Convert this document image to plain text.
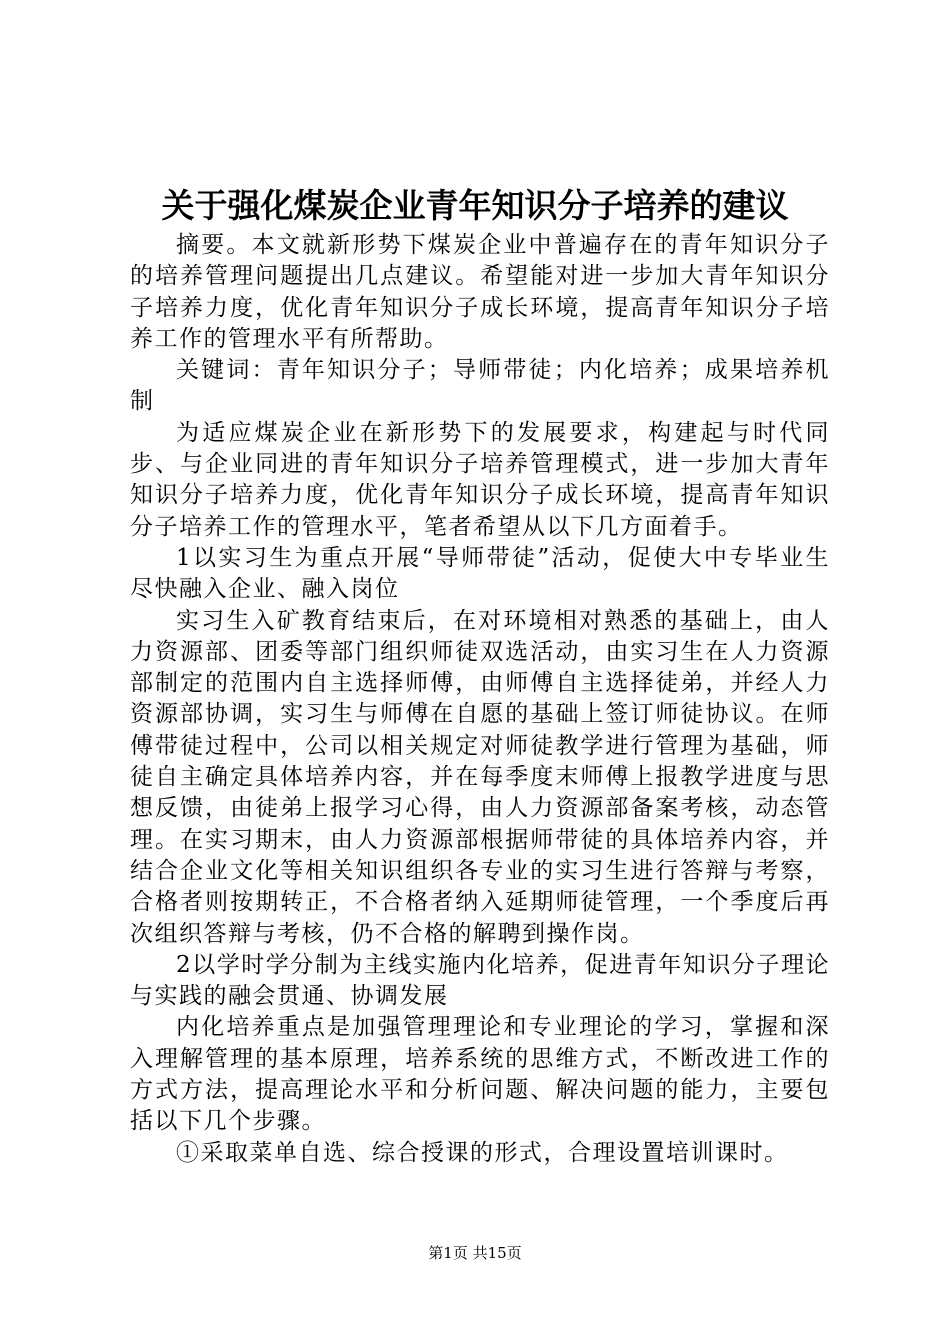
关于强化煤炭企业青年知识分子培养的建议

摘要。本文就新形势下煤炭企业中普遍存在的青年知识分子的培养管理问题提出几点建议。希望能对进一步加大青年知识分子培养力度，优化青年知识分子成长环境，提高青年知识分子培养工作的管理水平有所帮助。

关键词：青年知识分子；导师带徒；内化培养；成果培养机制

为适应煤炭企业在新形势下的发展要求，构建起与时代同步、与企业同进的青年知识分子培养管理模式，进一步加大青年知识分子培养力度，优化青年知识分子成长环境，提高青年知识分子培养工作的管理水平，笔者希望从以下几方面着手。

1以实习生为重点开展“导师带徒”活动，促使大中专毕业生尽快融入企业、融入岗位

实习生入矿教育结束后，在对环境相对熟悉的基础上，由人力资源部、团委等部门组织师徒双选活动，由实习生在人力资源部制定的范围内自主选择师傅，由师傅自主选择徒弟，并经人力资源部协调，实习生与师傅在自愿的基础上签订师徒协议。在师傅带徒过程中，公司以相关规定对师徒教学进行管理为基础，师徒自主确定具体培养内容，并在每季度末师傅上报教学进度与思想反馈，由徒弟上报学习心得，由人力资源部备案考核，动态管理。在实习期末，由人力资源部根据师带徒的具体培养内容，并结合企业文化等相关知识组织各专业的实习生进行答辩与考察，合格者则按期转正，不合格者纳入延期师徒管理，一个季度后再次组织答辩与考核，仍不合格的解聘到操作岗。

2以学时学分制为主线实施内化培养，促进青年知识分子理论与实践的融会贯通、协调发展

内化培养重点是加强管理理论和专业理论的学习，掌握和深入理解管理的基本原理，培养系统的思维方式，不断改进工作的方式方法，提高理论水平和分析问题、解决问题的能力，主要包括以下几个步骤。

①采取菜单自选、综合授课的形式，合理设置培训课时。

第1页 共15页
